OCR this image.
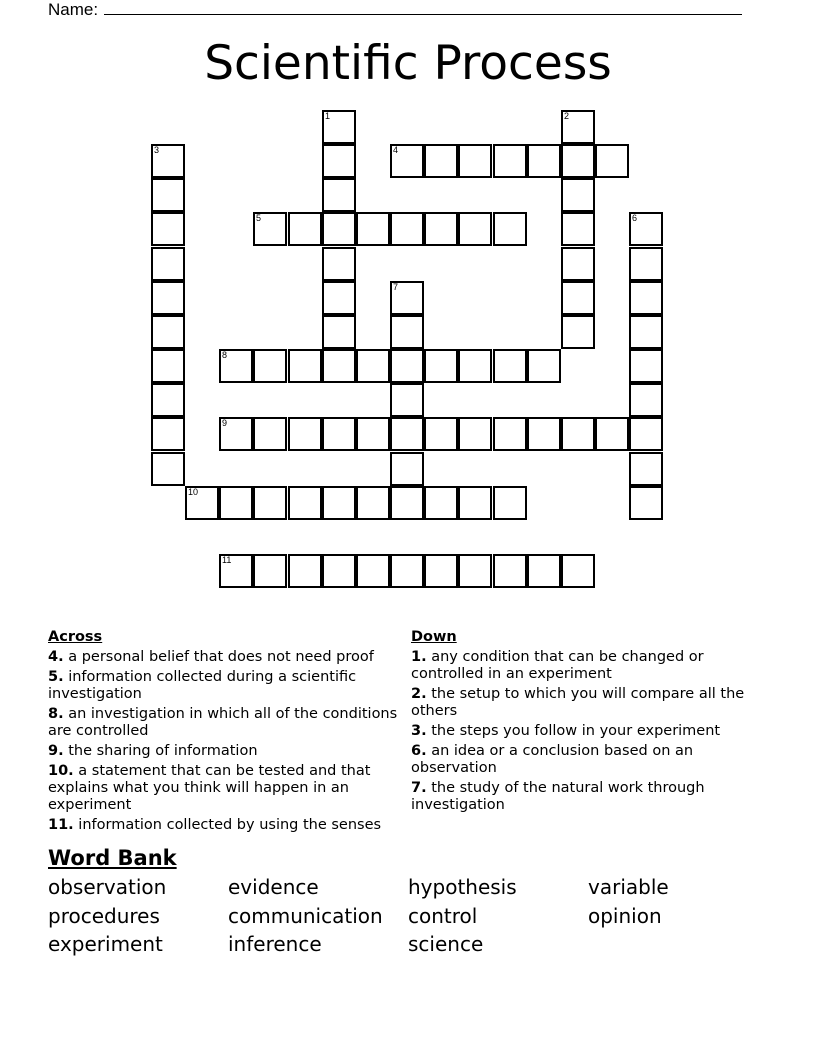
Name:
Scientific Process
1	2
3	4
5	6
7
8
9
10
11
Across
4. a personal belief that does not need proof
5. information collected during a scientific investigation
8. an investigation in which all of the conditions are controlled
9. the sharing of information
10. a statement that can be tested and that explains what you think will happen in an experiment
11. information collected by using the senses
Down
1. any condition that can be changed or controlled in an experiment
2. the setup to which you will compare all the others
3. the steps you follow in your experiment
6. an idea or a conclusion based on an observation
7. the study of the natural work through investigation
Word Bank
observation	evidence	hypothesis	variable
procedures	communication	control	opinion
experiment	inference	science
